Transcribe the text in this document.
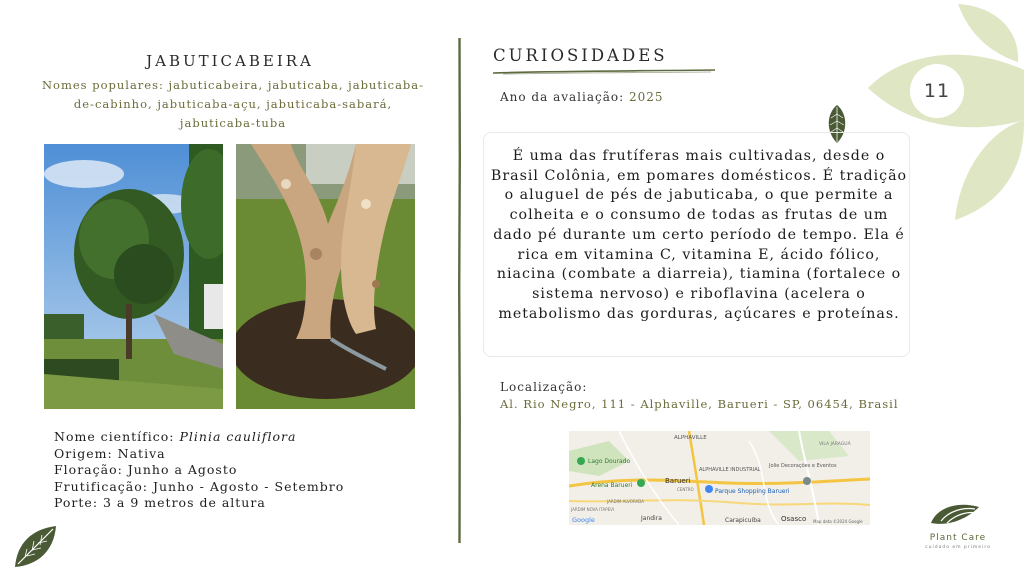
11
JABUTICABEIRA
Nomes populares: jabuticabeira, jabuticaba, jabuticaba-de-cabinho, jabuticaba-açu, jabuticaba-sabará, jabuticaba-tuba
Nome científico: Plinia cauliflora
Origem: Nativa
Floração: Junho a Agosto
Frutificação: Junho - Agosto - Setembro
Porte: 3 a 9 metros de altura
CURIOSIDADES
Ano da avaliação: 2025
É uma das frutíferas mais cultivadas, desde o Brasil Colônia, em pomares domésticos. É tradição o aluguel de pés de jabuticaba, o que permite a colheita e o consumo de todas as frutas de um dado pé durante um certo período de tempo. Ela é rica em vitamina C, vitamina E, ácido fólico, niacina (combate a diarreia), tiamina (fortalece o sistema nervoso) e riboflavina (acelera o metabolismo das gorduras, açúcares e proteínas.
Localização:
Al. Rio Negro, 111 - Alphaville, Barueri - SP, 06454, Brasil
ALPHAVILLE
VILA JARAGUÁ
Lago Dourado
ALPHAVILLE INDUSTRIAL
Jolie Decorações e Eventos
Barueri
Arena Barueri
CENTRO	Parque Shopping Barueri
JARDIM ALVORADA
JARDIM NOVA ITAPEVI
Jandira	Carapicuíba	Osasco
Google	Map data ©2024 Google
Plant Care
cuidado em primeiro
